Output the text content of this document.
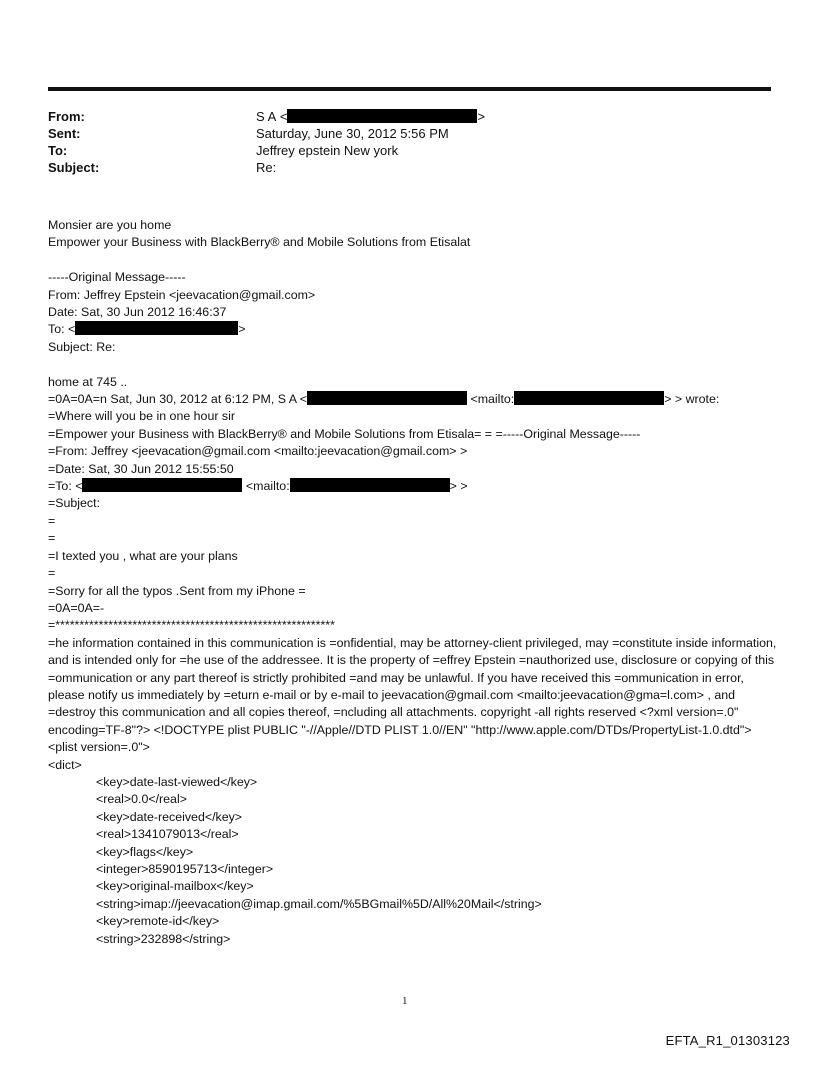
From:	S A <	>
Sent:	Saturday, June 30, 2012 5:56 PM
To:	Jeffrey epstein New york
Subject:	Re:

Monsier are you home

Empower your Business with BlackBerry® and Mobile Solutions from Etisalat

-----Original Message-----

From: Jeffrey Epstein <jeevacation@gmail.com>

Date: Sat, 30 Jun 2012 16:46:37

To: <	>

Subject: Re:

home at 745 ..

=0A=0A=n Sat, Jun 30, 2012 at 6:12 PM, S A <	<mailto:	> > wrote:

=Where will you be in one hour sir

=Empower your Business with BlackBerry® and Mobile Solutions from Etisala= = =-----Original Message-----

=From: Jeffrey <jeevacation@gmail.com <mailto:jeevacation@gmail.com> >

=Date: Sat, 30 Jun 2012 15:55:50

=To: <	<mailto:	> >

=Subject:

=

=

=I texted you , what are your plans

=

=Sorry for all the typos .Sent from my iPhone =

=0A=0A=-

=**********************************************************

=he information contained in this communication is =onfidential, may be attorney-client privileged, may =constitute inside information, and is intended only for =he use of the addressee. It is the property of =effrey Epstein =nauthorized use, disclosure or copying of this =ommunication or any part thereof is strictly prohibited =and may be unlawful. If you have received this =ommunication in error, please notify us immediately by =eturn e-mail or by e-mail to jeevacation@gmail.com <mailto:jeevacation@gma=l.com> , and =destroy this communication and all copies thereof, =ncluding all attachments. copyright -all rights reserved <?xml version=.0" encoding=TF-8"?> <!DOCTYPE plist PUBLIC "-//Apple//DTD PLIST 1.0//EN" "http://www.apple.com/DTDs/PropertyList-1.0.dtd">

<plist version=.0">

<dict>

<key>date-last-viewed</key>

<real>0.0</real>

<key>date-received</key>

<real>1341079013</real>

<key>flags</key>

<integer>8590195713</integer>

<key>original-mailbox</key>

<string>imap://jeevacation@imap.gmail.com/%5BGmail%5D/All%20Mail</string>

<key>remote-id</key>

<string>232898</string>

1
EFTA_R1_01303123
